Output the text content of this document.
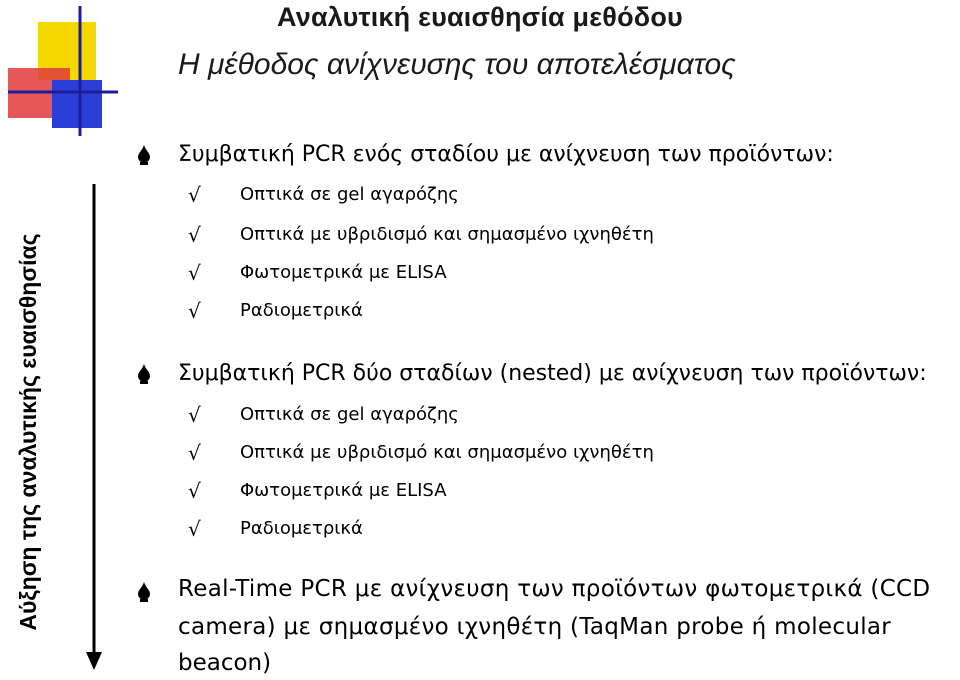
Αναλυτική ευαισθησία μεθόδου
Η μέθοδος ανίχνευσης του αποτελέσματος
Αύξηση της αναλυτικής ευαισθησίας
Συμβατική PCR ενός σταδίου με ανίχνευση των προϊόντων:
√ Οπτικά σε gel αγαρόζης
√ Οπτικά με υβριδισμό και σημασμένο ιχνηθέτη
√ Φωτομετρικά με ELISA
√ Ραδιομετρικά
Συμβατική PCR δύο σταδίων (nested) με ανίχνευση των προϊόντων:
√ Οπτικά σε gel αγαρόζης
√ Οπτικά με υβριδισμό και σημασμένο ιχνηθέτη
√ Φωτομετρικά με ELISA
√ Ραδιομετρικά
Real-Time PCR με ανίχνευση των προϊόντων φωτομετρικά (CCD
camera) με σημασμένο ιχνηθέτη (TaqMan probe ή molecular
beacon)
